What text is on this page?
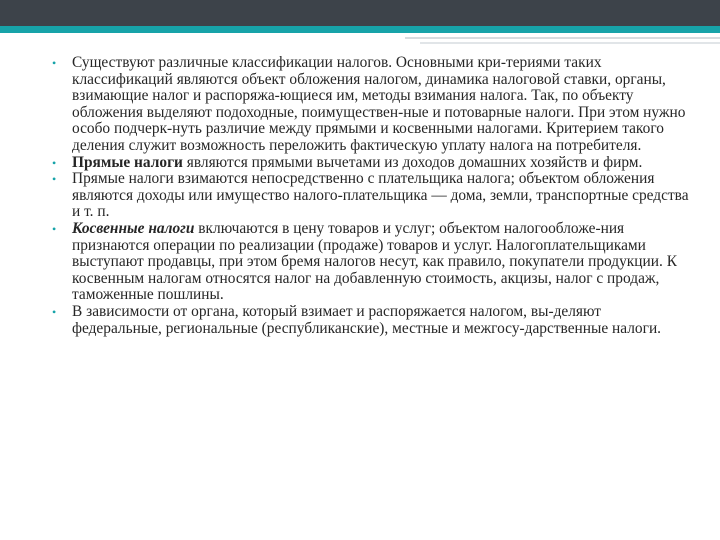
• Существуют различные классификации налогов. Основными кри-териями таких классификаций являются объект обложения налогом, динамика налоговой ставки, органы, взимающие налог и распоряжа-ющиеся им, методы взимания налога. Так, по объекту обложения выделяют подоходные, поимуществен-ные и потоварные налоги. При этом нужно особо подчерк-нуть различие между прямыми и косвенными налогами. Критерием такого деления служит возможность переложить фактическую уплату налога на потребителя.
• Прямые налоги являются прямыми вычетами из доходов домашних хозяйств и фирм.
• Прямые налоги взимаются непосредственно с плательщика налога; объектом обложения являются доходы или имущество налого-плательщика — дома, земли, транспортные средства и т. п.
• Косвенные налоги включаются в цену товаров и услуг; объектом налогообложе-ния признаются операции по реализации (продаже) товаров и услуг. Налогоплательщиками выступают продавцы, при этом бремя налогов несут, как правило, покупатели продукции. К косвенным налогам относятся налог на добавленную стоимость, акцизы, налог с продаж, таможенные пошлины.
• В зависимости от органа, который взимает и распоряжается налогом, вы-деляют федеральные, региональные (республиканские), местные и межгосу-дарственные налоги.
